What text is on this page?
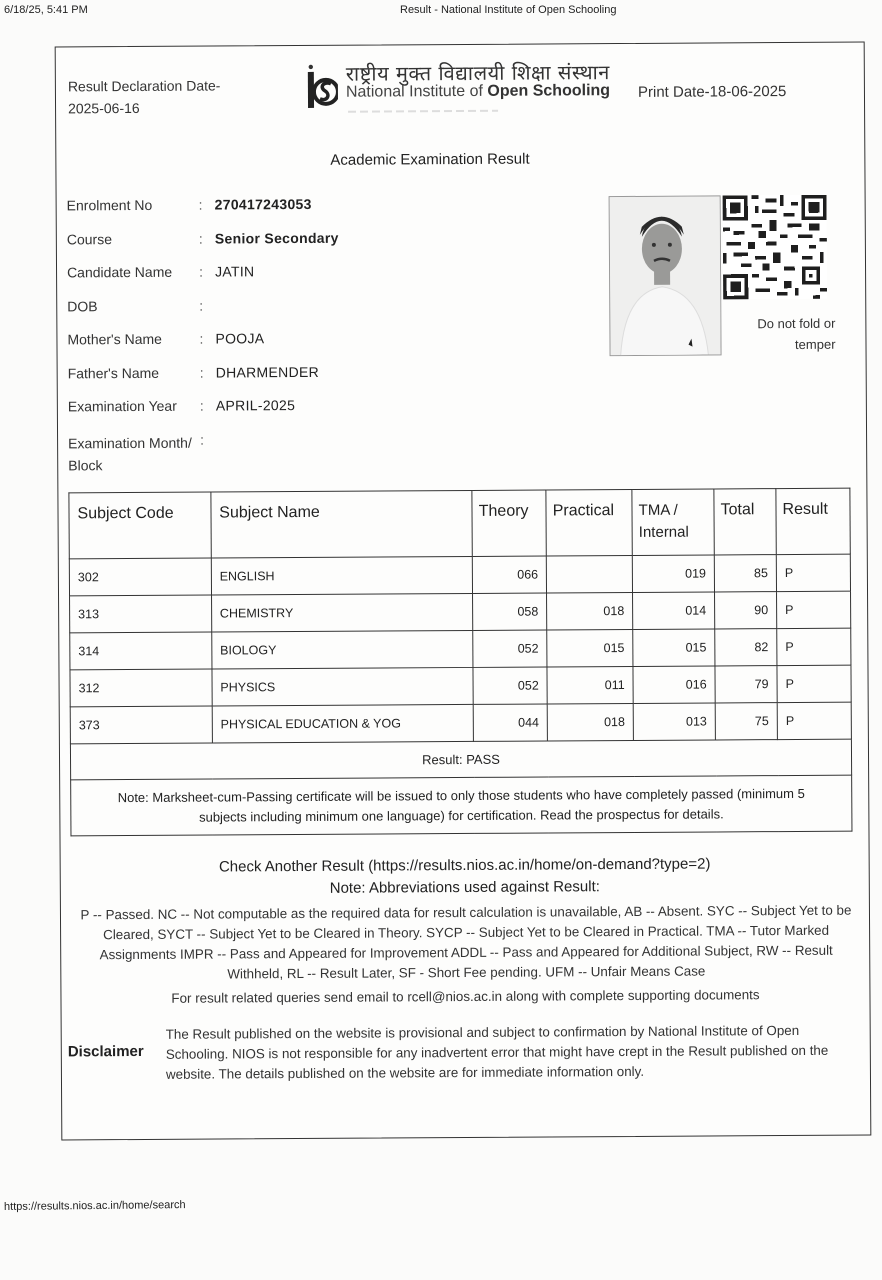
6/18/25, 5:41 PM	Result - National Institute of Open Schooling
Result Declaration Date-
2025-06-16
राष्ट्रीय मुक्त विद्यालयी शिक्षा संस्थान
National Institute of Open Schooling Print Date-18-06-2025
Academic Examination Result
Enrolment No	: 270417243053
Course	: Senior Secondary
Candidate Name	: JATIN
DOB	:
Mother's Name	: POOJA
Father's Name	: DHARMENDER
Examination Year	: APRIL-2025
Examination Month/ Block
:
Do not fold or
temper
Subject Code	Subject Name	Theory	Practical	TMA / Internal	Total	Result
302	ENGLISH	066		019	85	P
313	CHEMISTRY	058	018	014	90	P
314	BIOLOGY	052	015	015	82	P
312	PHYSICS	052	011	016	79	P
373	PHYSICAL EDUCATION & YOG	044	018	013	75	P
Result: PASS						
Note: Marksheet-cum-Passing certificate will be issued to only those students who have completely passed (minimum 5 subjects including minimum one language) for certification. Read the prospectus for details.						
Check Another Result (https://results.nios.ac.in/home/on-demand?type=2)
Note: Abbreviations used against Result:
P -- Passed. NC -- Not computable as the required data for result calculation is unavailable, AB -- Absent. SYC -- Subject Yet to be Cleared, SYCT -- Subject Yet to be Cleared in Theory. SYCP -- Subject Yet to be Cleared in Practical. TMA -- Tutor Marked Assignments IMPR -- Pass and Appeared for Improvement ADDL -- Pass and Appeared for Additional Subject, RW -- Result Withheld, RL -- Result Later, SF - Short Fee pending. UFM -- Unfair Means Case
For result related queries send email to rcell@nios.ac.in along with complete supporting documents
Disclaimer
The Result published on the website is provisional and subject to confirmation by National Institute of Open Schooling. NIOS is not responsible for any inadvertent error that might have crept in the Result published on the website. The details published on the website are for immediate information only.
https://results.nios.ac.in/home/search
